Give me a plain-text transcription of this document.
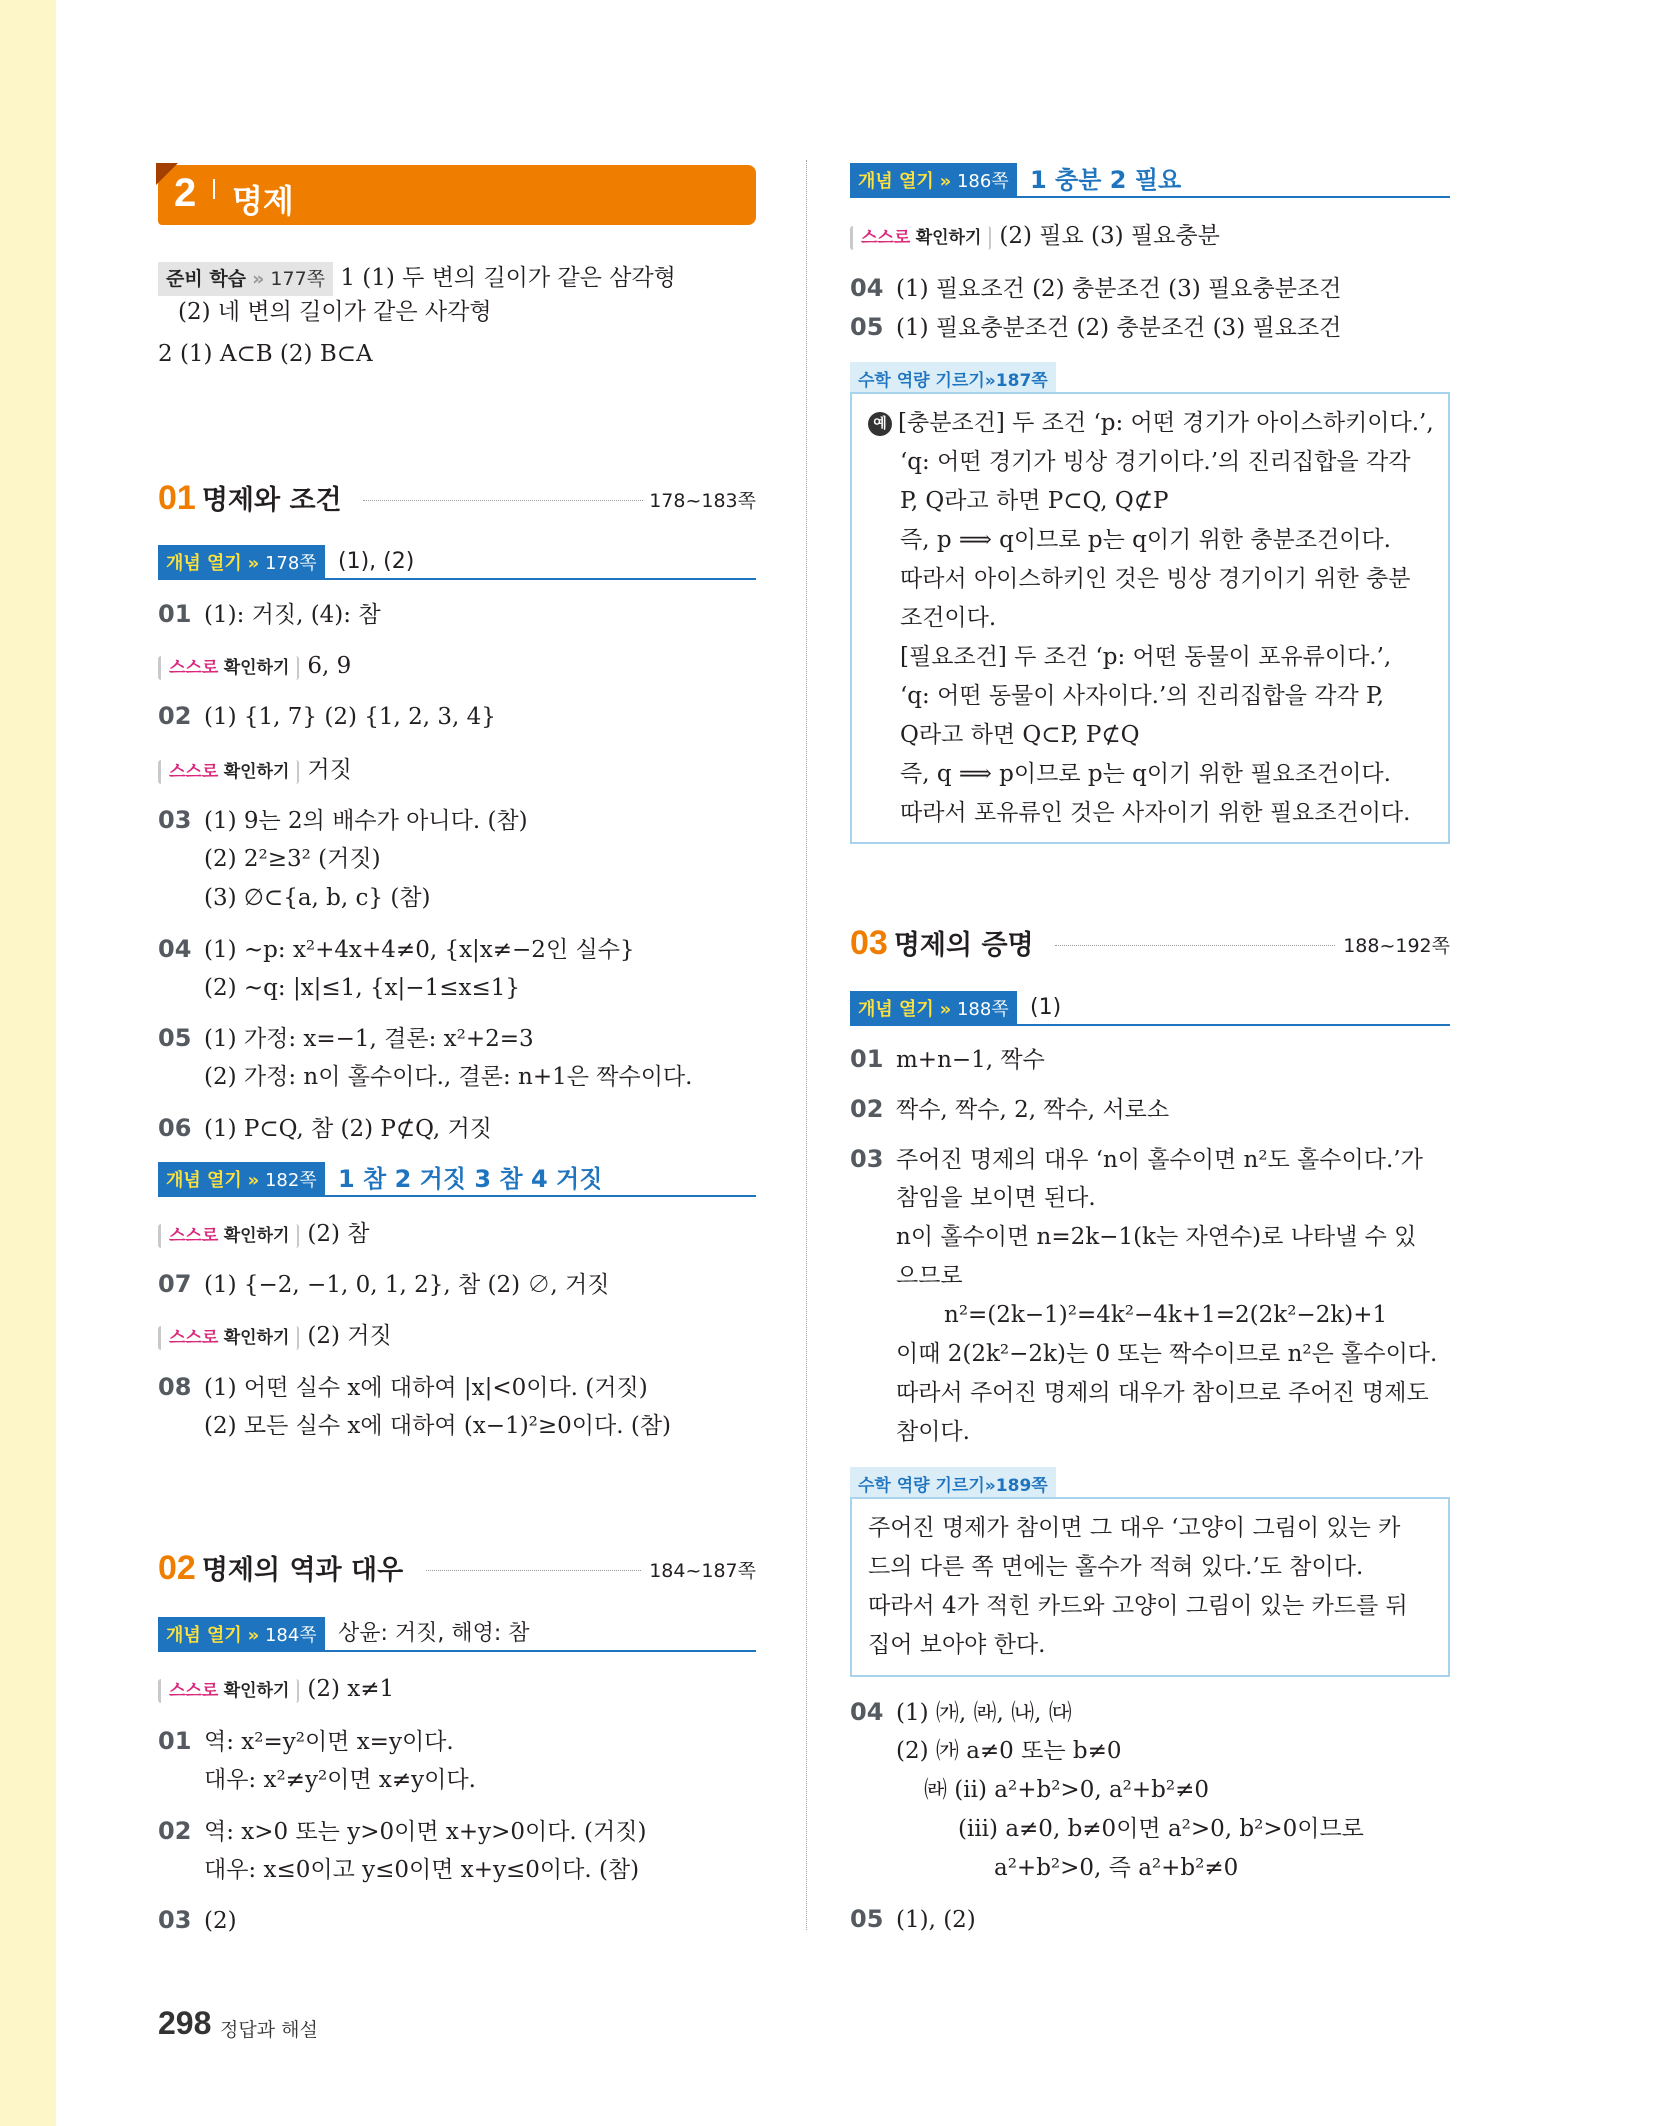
2 명제
준비 학습 » 177쪽 1 (1) 두 변의 길이가 같은 삼각형
(2) 네 변의 길이가 같은 사각형
2 (1) A⊂B (2) B⊂A
01 명제와 조건	178~183쪽
개념 열기 » 178쪽 (1), (2)
01 (1): 거짓, (4): 참
스스로 확인하기 6, 9
02 (1) {1, 7} (2) {1, 2, 3, 4}
스스로 확인하기 거짓
03 (1) 9는 2의 배수가 아니다. (참)
(2) 2²≥3² (거짓)
(3) ∅⊂{a, b, c} (참)
04 (1) ~p: x²+4x+4≠0, {x|x≠−2인 실수}
(2) ~q: |x|≤1, {x|−1≤x≤1}
05 (1) 가정: x=−1, 결론: x²+2=3
(2) 가정: n이 홀수이다., 결론: n+1은 짝수이다.
06 (1) P⊂Q, 참 (2) P⊄Q, 거짓
개념 열기 » 182쪽 1 참 2 거짓 3 참 4 거짓
스스로 확인하기 (2) 참
07 (1) {−2, −1, 0, 1, 2}, 참 (2) ∅, 거짓
스스로 확인하기 (2) 거짓
08 (1) 어떤 실수 x에 대하여 |x|<0이다. (거짓)
(2) 모든 실수 x에 대하여 (x−1)²≥0이다. (참)
02 명제의 역과 대우	184~187쪽
개념 열기 » 184쪽 상윤: 거짓, 해영: 참
스스로 확인하기 (2) x≠1
01 역: x²=y²이면 x=y이다.
대우: x²≠y²이면 x≠y이다.
02 역: x>0 또는 y>0이면 x+y>0이다. (거짓)
대우: x≤0이고 y≤0이면 x+y≤0이다. (참)
03 (2)
개념 열기 » 186쪽 1 충분 2 필요
스스로 확인하기 (2) 필요 (3) 필요충분
04 (1) 필요조건 (2) 충분조건 (3) 필요충분조건
05 (1) 필요충분조건 (2) 충분조건 (3) 필요조건
수학 역량 기르기»187쪽
예 [충분조건] 두 조건 ‘p: 어떤 경기가 아이스하키이다.’,
‘q: 어떤 경기가 빙상 경기이다.’의 진리집합을 각각
P, Q라고 하면 P⊂Q, Q⊄P
즉, p ⟹ q이므로 p는 q이기 위한 충분조건이다.
따라서 아이스하키인 것은 빙상 경기이기 위한 충분
조건이다.
[필요조건] 두 조건 ‘p: 어떤 동물이 포유류이다.’,
‘q: 어떤 동물이 사자이다.’의 진리집합을 각각 P,
Q라고 하면 Q⊂P, P⊄Q
즉, q ⟹ p이므로 p는 q이기 위한 필요조건이다.
따라서 포유류인 것은 사자이기 위한 필요조건이다.
03 명제의 증명	188~192쪽
개념 열기 » 188쪽 (1)
01 m+n−1, 짝수
02 짝수, 짝수, 2, 짝수, 서로소
03 주어진 명제의 대우 ‘n이 홀수이면 n²도 홀수이다.’가
참임을 보이면 된다.
n이 홀수이면 n=2k−1(k는 자연수)로 나타낼 수 있
으므로
n²=(2k−1)²=4k²−4k+1=2(2k²−2k)+1
이때 2(2k²−2k)는 0 또는 짝수이므로 n²은 홀수이다.
따라서 주어진 명제의 대우가 참이므로 주어진 명제도
참이다.
수학 역량 기르기»189쪽
주어진 명제가 참이면 그 대우 ‘고양이 그림이 있는 카
드의 다른 쪽 면에는 홀수가 적혀 있다.’도 참이다.
따라서 4가 적힌 카드와 고양이 그림이 있는 카드를 뒤
집어 보아야 한다.
04 (1) ㈎, ㈑, ㈏, ㈐
(2) ㈎ a≠0 또는 b≠0
㈑ (ii) a²+b²>0, a²+b²≠0
(iii) a≠0, b≠0이면 a²>0, b²>0이므로
a²+b²>0, 즉 a²+b²≠0
05 (1), (2)
298 정답과 해설
